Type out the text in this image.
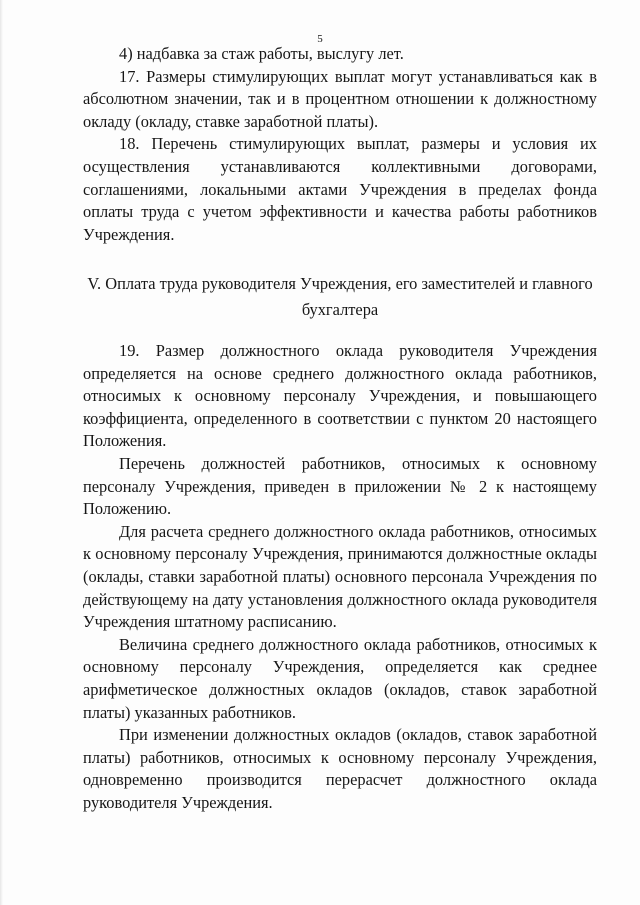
5

4) надбавка за стаж работы, выслугу лет.

17. Размеры стимулирующих выплат могут устанавливаться как в абсолютном значении, так и в процентном отношении к должностному окладу (окладу, ставке заработной платы).

18. Перечень стимулирующих выплат, размеры и условия их осуществления устанавливаются коллективными договорами, соглашениями, локальными актами Учреждения в пределах фонда оплаты труда с учетом эффективности и качества работы работников Учреждения.

V. Оплата труда руководителя Учреждения, его заместителей и главного бухгалтера

19. Размер должностного оклада руководителя Учреждения определяется на основе среднего должностного оклада работников, относимых к основному персоналу Учреждения, и повышающего коэффициента, определенного в соответствии с пунктом 20 настоящего Положения.

Перечень должностей работников, относимых к основному персоналу Учреждения, приведен в приложении № 2 к настоящему Положению.

Для расчета среднего должностного оклада работников, относимых к основному персоналу Учреждения, принимаются должностные оклады (оклады, ставки заработной платы) основного персонала Учреждения по действующему на дату установления должностного оклада руководителя Учреждения штатному расписанию.

Величина среднего должностного оклада работников, относимых к основному персоналу Учреждения, определяется как среднее арифметическое должностных окладов (окладов, ставок заработной платы) указанных работников.

При изменении должностных окладов (окладов, ставок заработной платы) работников, относимых к основному персоналу Учреждения, одновременно производится перерасчет должностного оклада руководителя Учреждения.
